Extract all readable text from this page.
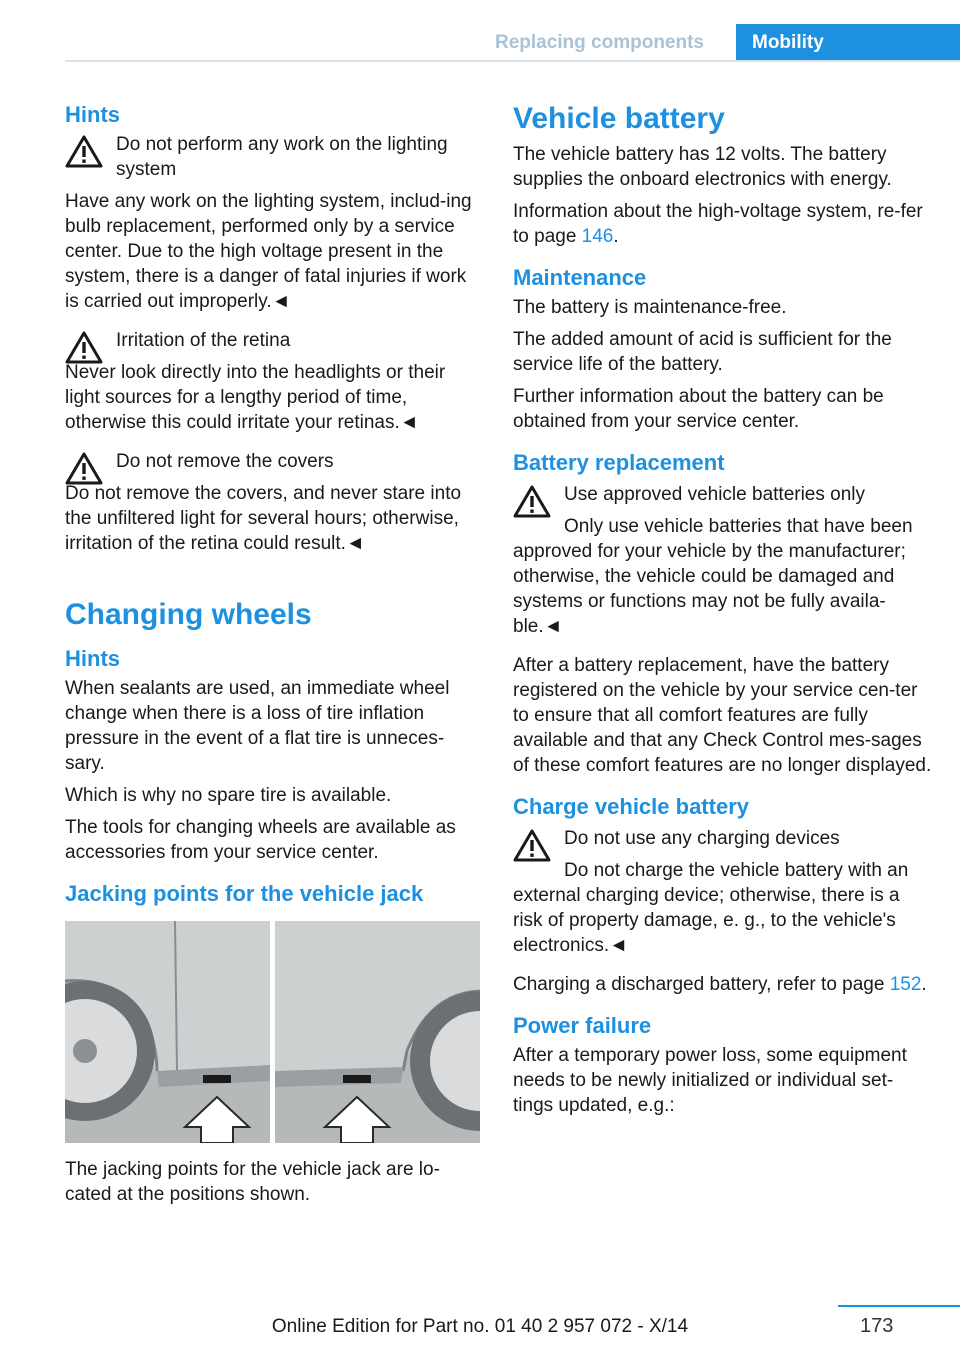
Replacing components	Mobility
Hints
Do not perform any work on the lighting system
Have any work on the lighting system, includ‐ing bulb replacement, performed only by a service center. Due to the high voltage present in the system, there is a danger of fatal injuries if work is carried out improperly.◄
Irritation of the retina
Never look directly into the headlights or their light sources for a lengthy period of time, otherwise this could irritate your retinas.◄
Do not remove the covers
Do not remove the covers, and never stare into the unfiltered light for several hours; otherwise, irritation of the retina could result.◄
Changing wheels
Hints

When sealants are used, an immediate wheel change when there is a loss of tire inflation pressure in the event of a flat tire is unneces‐sary.

Which is why no spare tire is available.

The tools for changing wheels are available as accessories from your service center.

Jacking points for the vehicle jack

The jacking points for the vehicle jack are lo‐cated at the positions shown.

Vehicle battery

The vehicle battery has 12 volts. The battery supplies the onboard electronics with energy.

Information about the high-voltage system, re‐fer to page 146.

Maintenance

The battery is maintenance-free.

The added amount of acid is sufficient for the service life of the battery.

Further information about the battery can be obtained from your service center.

Battery replacement
Use approved vehicle batteries only
Only use vehicle batteries that have been approved for your vehicle by the manufacturer; otherwise, the vehicle could be damaged and systems or functions may not be fully availa‐ble.◄

After a battery replacement, have the battery registered on the vehicle by your service cen‐ter to ensure that all comfort features are fully available and that any Check Control mes‐sages of these comfort features are no longer displayed.

Charge vehicle battery
Do not use any charging devices
Do not charge the vehicle battery with an external charging device; otherwise, there is a risk of property damage, e. g., to the vehicle's electronics.◄

Charging a discharged battery, refer to page 152.

Power failure

After a temporary power loss, some equipment needs to be newly initialized or individual set‐tings updated, e.g.:

173
Online Edition for Part no. 01 40 2 957 072 - X/14
